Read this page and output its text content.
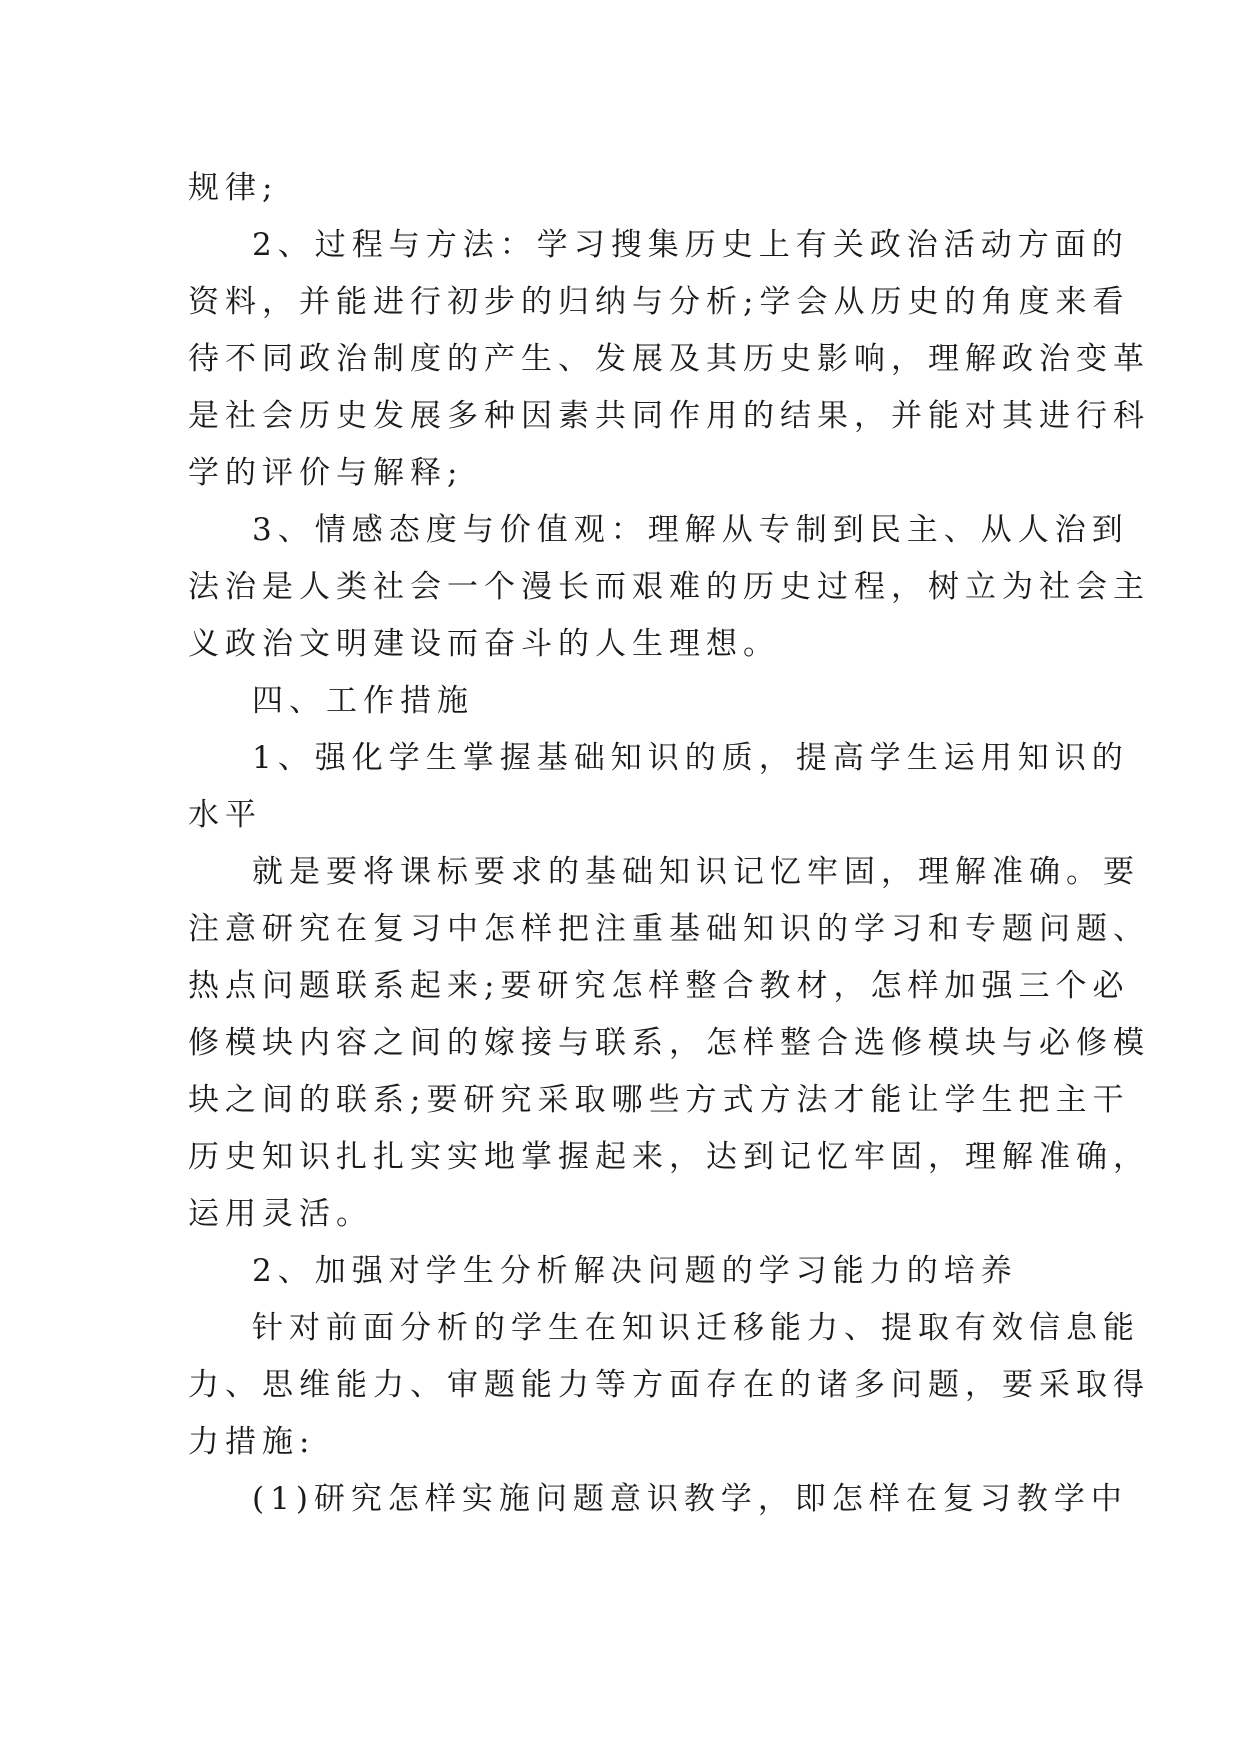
规律;
2、过程与方法：学习搜集历史上有关政治活动方面的
资料，并能进行初步的归纳与分析;学会从历史的角度来看
待不同政治制度的产生、发展及其历史影响，理解政治变革
是社会历史发展多种因素共同作用的结果，并能对其进行科
学的评价与解释;
3、情感态度与价值观：理解从专制到民主、从人治到
法治是人类社会一个漫长而艰难的历史过程，树立为社会主
义政治文明建设而奋斗的人生理想。
四、工作措施
1、强化学生掌握基础知识的质，提高学生运用知识的
水平
就是要将课标要求的基础知识记忆牢固，理解准确。要
注意研究在复习中怎样把注重基础知识的学习和专题问题、
热点问题联系起来;要研究怎样整合教材，怎样加强三个必
修模块内容之间的嫁接与联系，怎样整合选修模块与必修模
块之间的联系;要研究采取哪些方式方法才能让学生把主干
历史知识扎扎实实地掌握起来，达到记忆牢固，理解准确，
运用灵活。
2、加强对学生分析解决问题的学习能力的培养
针对前面分析的学生在知识迁移能力、提取有效信息能
力、思维能力、审题能力等方面存在的诸多问题，要采取得
力措施:
(1)研究怎样实施问题意识教学，即怎样在复习教学中
